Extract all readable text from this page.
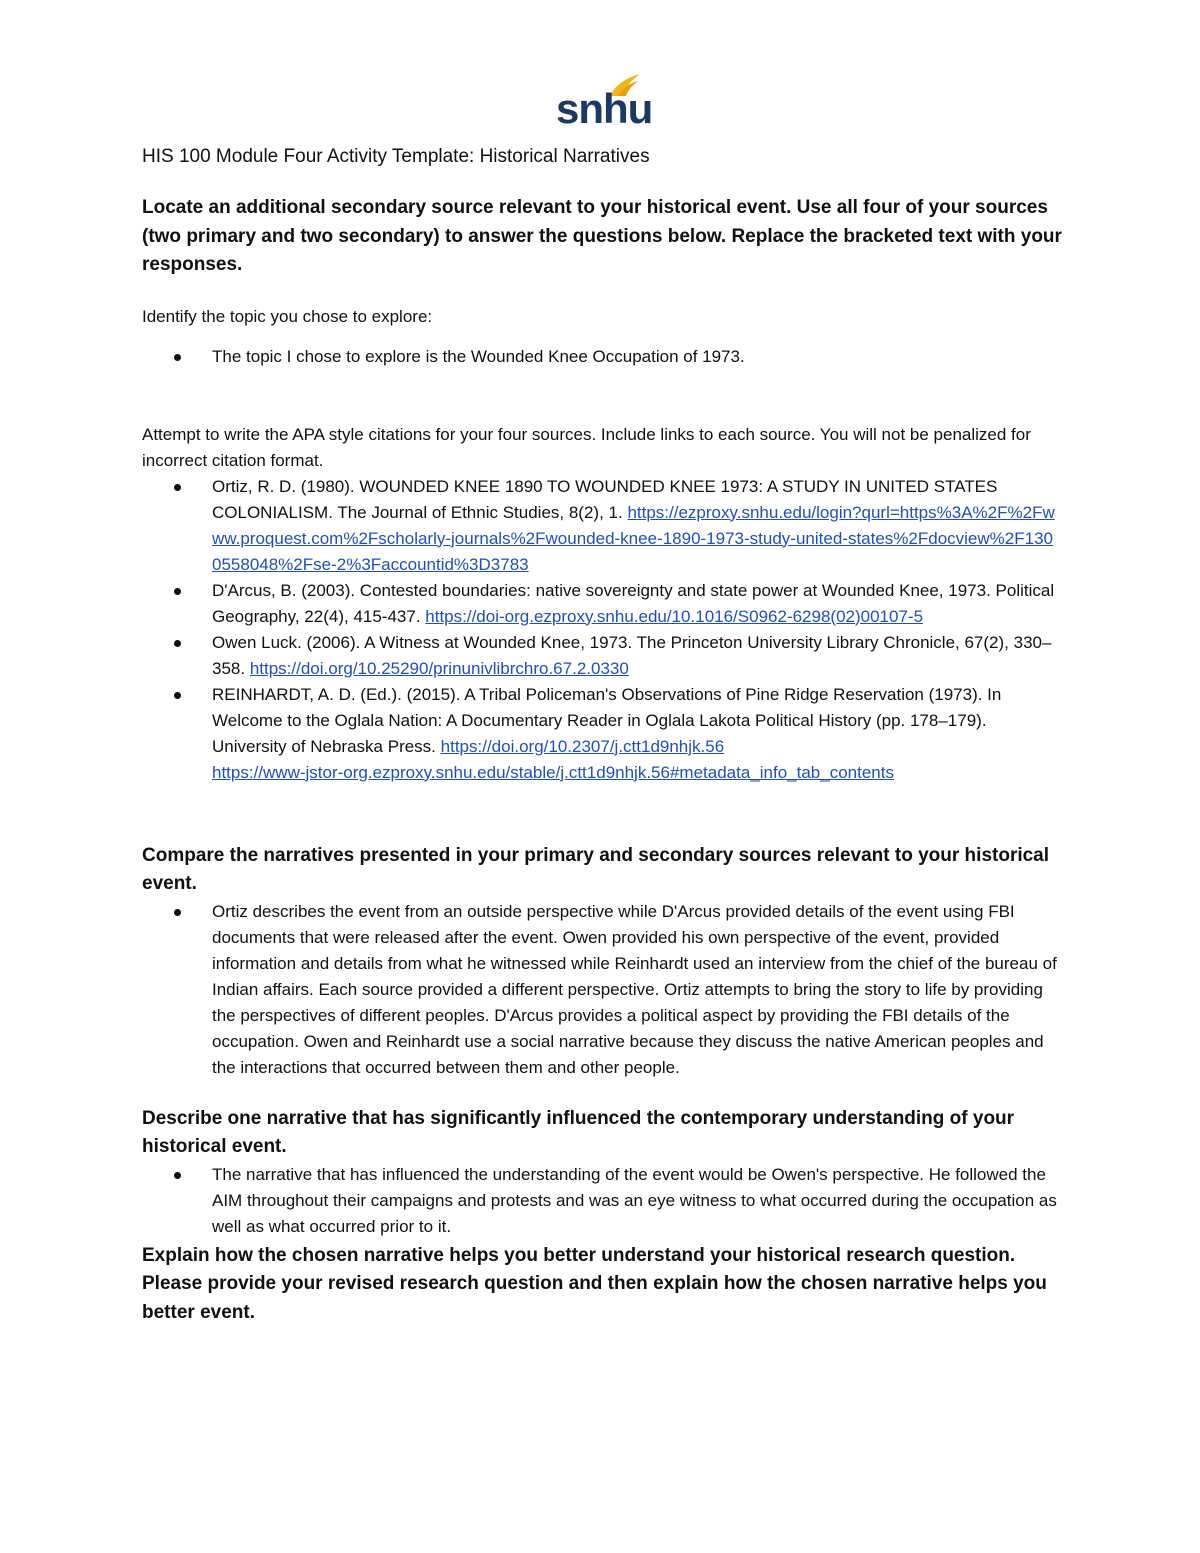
snhu
HIS 100 Module Four Activity Template: Historical Narratives

Locate an additional secondary source relevant to your historical event. Use all four of your sources (two primary and two secondary) to answer the questions below. Replace the bracketed text with your responses.

Identify the topic you chose to explore:

The topic I chose to explore is the Wounded Knee Occupation of 1973.

Attempt to write the APA style citations for your four sources. Include links to each source. You will not be penalized for incorrect citation format.

Ortiz, R. D. (1980). WOUNDED KNEE 1890 TO WOUNDED KNEE 1973: A STUDY IN UNITED STATES COLONIALISM. The Journal of Ethnic Studies, 8(2), 1. https://ezproxy.snhu.edu/login?qurl=https%3A%2F%2Fwww.proquest.com%2Fscholarly-journals%2Fwounded-knee-1890-1973-study-united-states%2Fdocview%2F1300558048%2Fse-2%3Faccountid%3D3783
D'Arcus, B. (2003). Contested boundaries: native sovereignty and state power at Wounded Knee, 1973. Political Geography, 22(4), 415-437. https://doi-org.ezproxy.snhu.edu/10.1016/S0962-6298(02)00107-5
Owen Luck. (2006). A Witness at Wounded Knee, 1973. The Princeton University Library Chronicle, 67(2), 330–358. https://doi.org/10.25290/prinunivlibrchro.67.2.0330
REINHARDT, A. D. (Ed.). (2015). A Tribal Policeman's Observations of Pine Ridge Reservation (1973). In Welcome to the Oglala Nation: A Documentary Reader in Oglala Lakota Political History (pp. 178–179). University of Nebraska Press. https://doi.org/10.2307/j.ctt1d9nhjk.56
https://www-jstor-org.ezproxy.snhu.edu/stable/j.ctt1d9nhjk.56#metadata_info_tab_contents

Compare the narratives presented in your primary and secondary sources relevant to your historical event.

Ortiz describes the event from an outside perspective while D'Arcus provided details of the event using FBI documents that were released after the event. Owen provided his own perspective of the event, provided information and details from what he witnessed while Reinhardt used an interview from the chief of the bureau of Indian affairs. Each source provided a different perspective. Ortiz attempts to bring the story to life by providing the perspectives of different peoples. D'Arcus provides a political aspect by providing the FBI details of the occupation. Owen and Reinhardt use a social narrative because they discuss the native American peoples and the interactions that occurred between them and other people.

Describe one narrative that has significantly influenced the contemporary understanding of your historical event.

The narrative that has influenced the understanding of the event would be Owen's perspective. He followed the AIM throughout their campaigns and protests and was an eye witness to what occurred during the occupation as well as what occurred prior to it.

Explain how the chosen narrative helps you better understand your historical research question. Please provide your revised research question and then explain how the chosen narrative helps you better event.
